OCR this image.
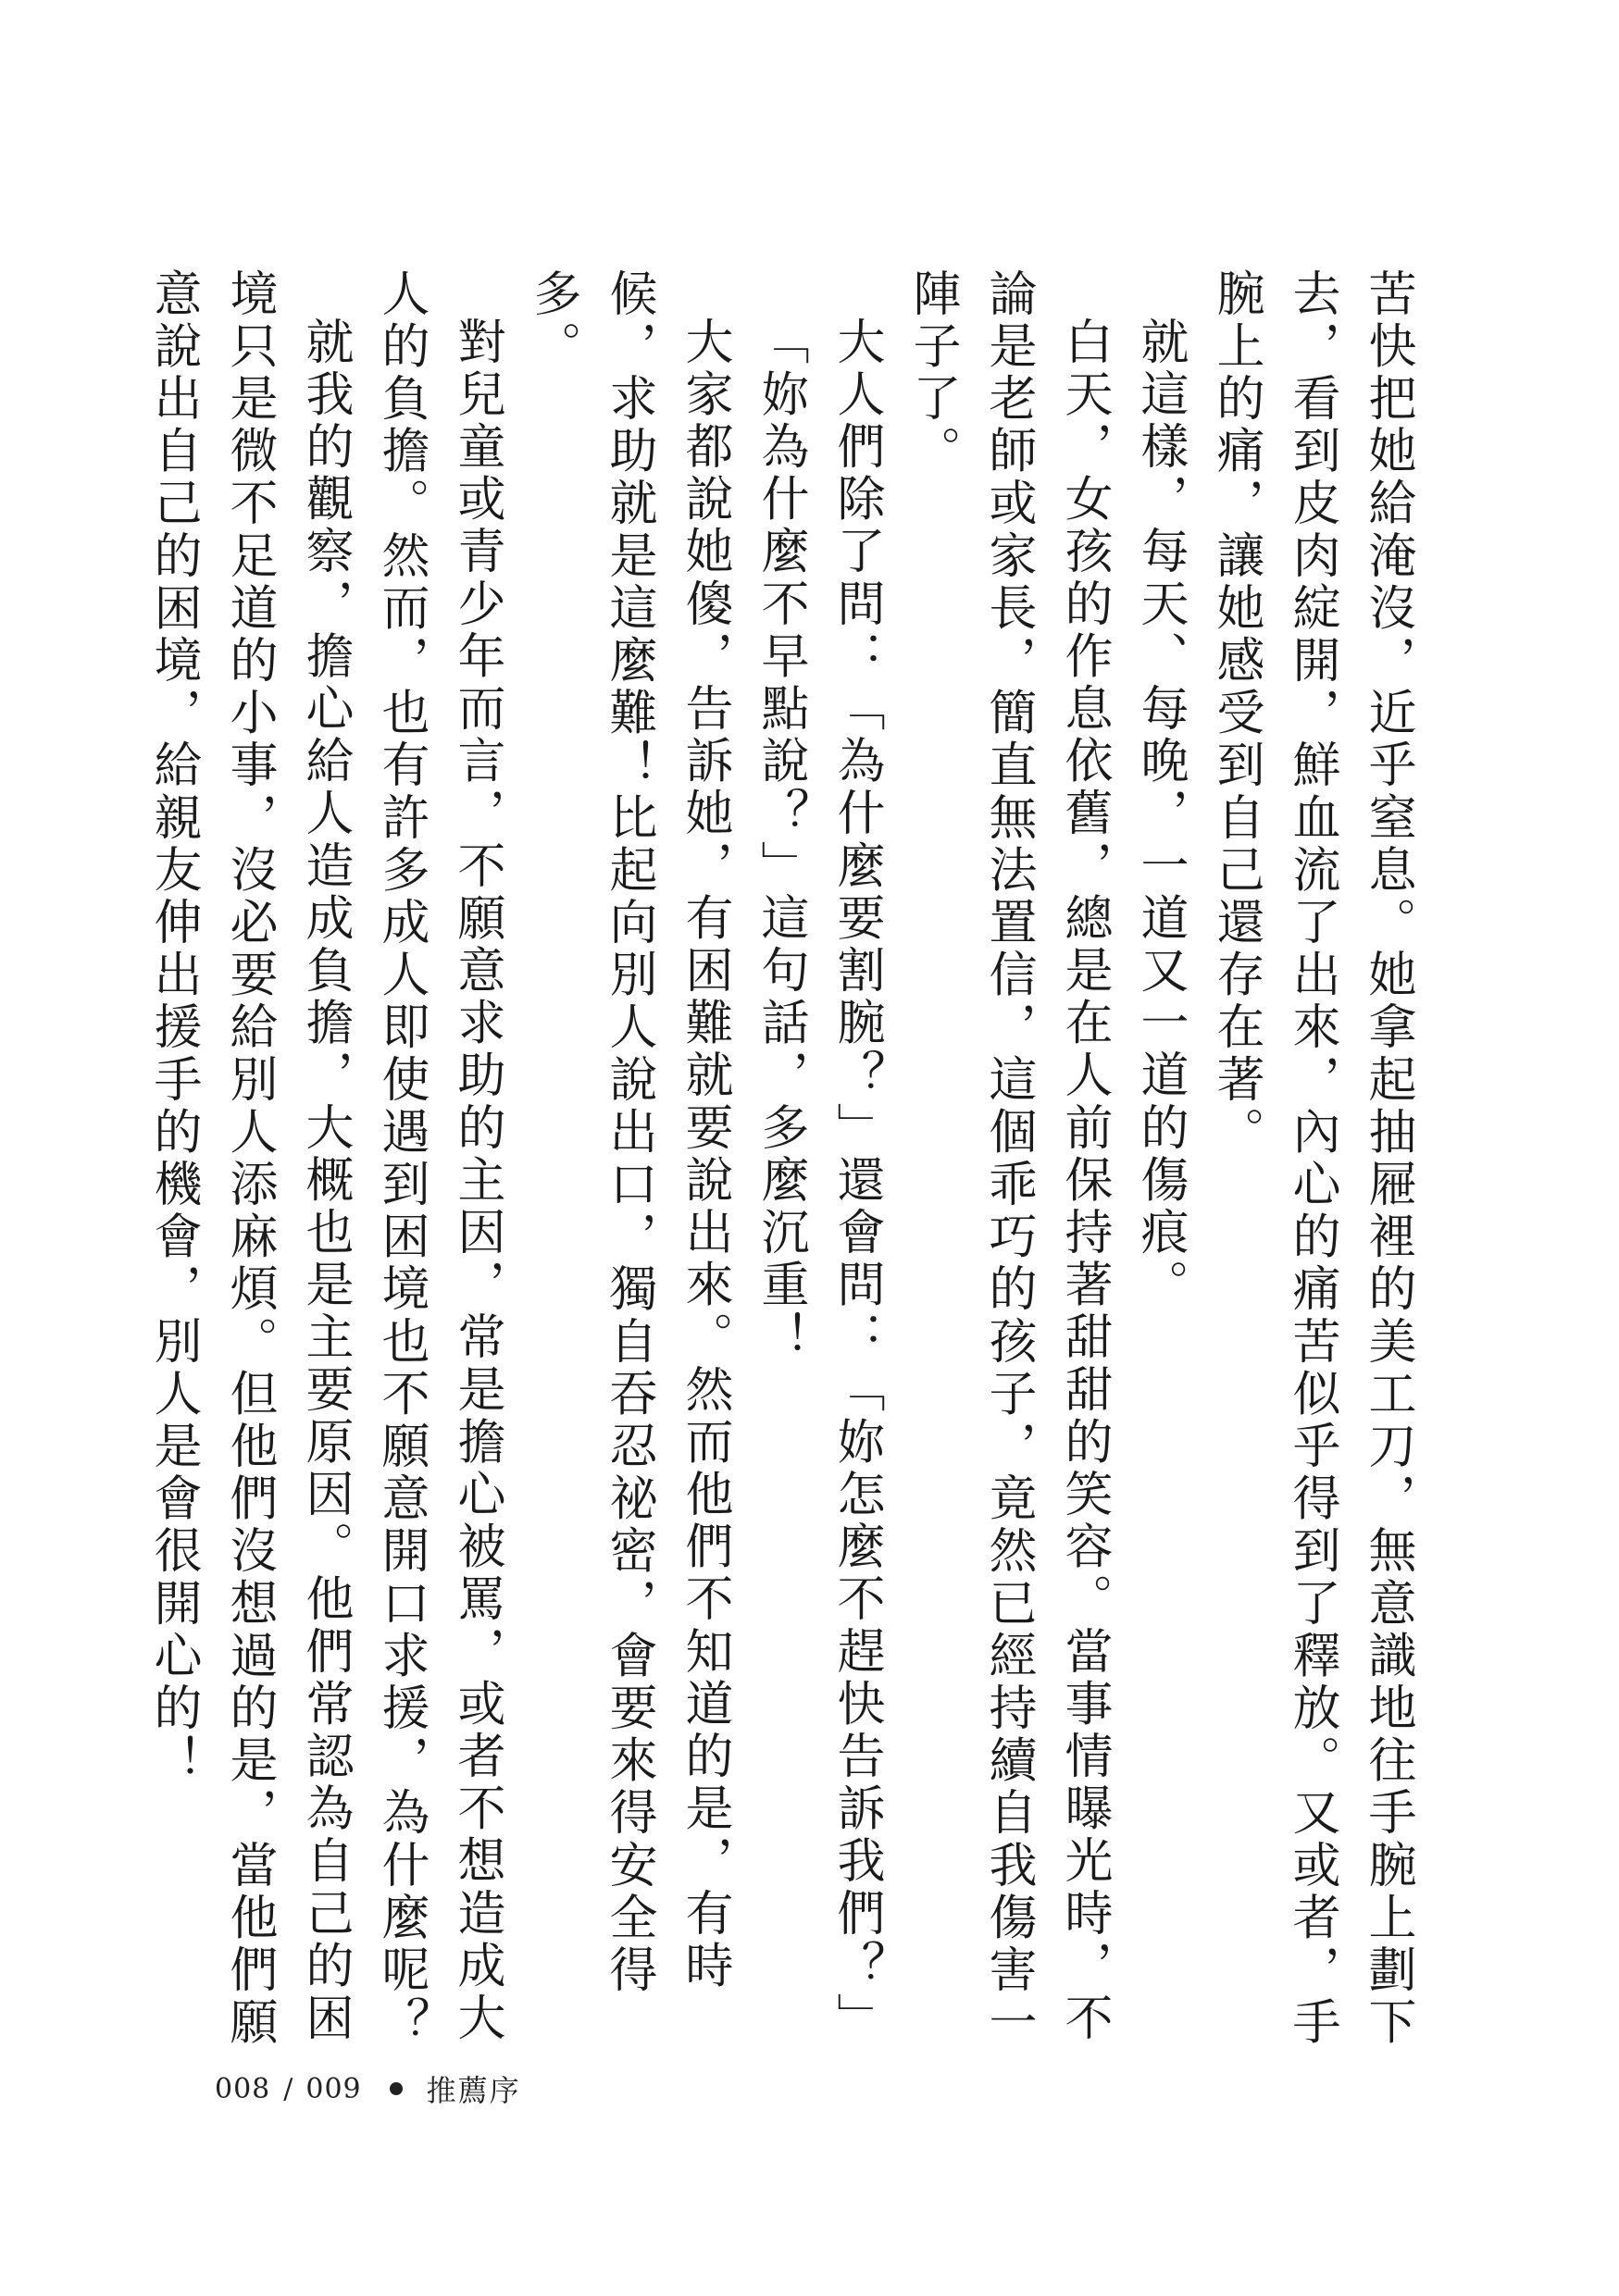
苦快把她給淹沒，近乎窒息。她拿起抽屜裡的美工刀，無意識地往手腕上劃下去，看到皮肉綻開，鮮血流了出來，內心的痛苦似乎得到了釋放。又或者，手腕上的痛，讓她感受到自己還存在著。

就這樣，每天、每晚，一道又一道的傷痕。

白天，女孩的作息依舊，總是在人前保持著甜甜的笑容。當事情曝光時，不論是老師或家長，簡直無法置信，這個乖巧的孩子，竟然已經持續自我傷害一陣子了。

大人們除了問：「為什麼要割腕？」還會問：「妳怎麼不趕快告訴我們？」

「妳為什麼不早點說？」這句話，多麼沉重！

大家都說她傻，告訴她，有困難就要說出來。然而他們不知道的是，有時候，求助就是這麼難！比起向別人說出口，獨自吞忍祕密，會要來得安全得多。

對兒童或青少年而言，不願意求助的主因，常是擔心被罵，或者不想造成大人的負擔。然而，也有許多成人即使遇到困境也不願意開口求援，為什麼呢？

就我的觀察，擔心給人造成負擔，大概也是主要原因。他們常認為自己的困境只是微不足道的小事，沒必要給別人添麻煩。但他們沒想過的是，當他們願意說出自己的困境，給親友伸出援手的機會，別人是會很開心的！

008 / 009 推薦序
